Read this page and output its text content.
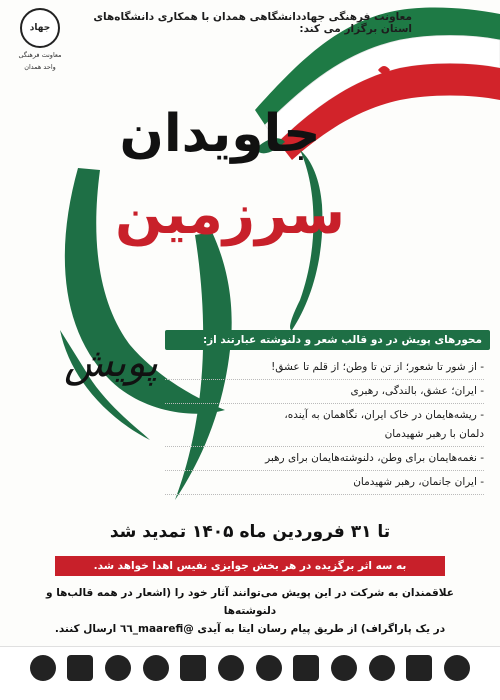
جهاد
معاونت فرهنگی
واحد همدان
معاونت فرهنگی جهاددانشگاهی همدان با همکاری دانشگاه‌های استان برگزار می کند:
جاویدان
سرزمین
پویش	محورهای پویش در دو قالب شعر و دلنوشته عبارتند از:
- از شور تا شعور؛ از تن تا وطن؛ از قلم تا عشق!
- ایران؛ عشق، بالندگی، رهبری
- ریشه‌هایمان در خاک ایران، نگاهمان به آینده،
دلمان با رهبر شهیدمان
- نغمه‌هایمان برای وطن، دلنوشته‌هایمان برای رهبر
- ایران جانمان، رهبر شهیدمان
تا ۳۱ فروردین ماه ۱۴۰۵ تمدید شد
به سه اثر برگزیده در هر بخش جوایزی نفیس اهدا خواهد شد.
علاقمندان به شرکت در این پویش می‌توانند آثار خود را (اشعار در همه قالب‌ها و دلنوشته‌ها
در یک پاراگراف) از طریق پیام رسان ایتا به آیدی @maarefi_٦٦ ارسال کنند.
